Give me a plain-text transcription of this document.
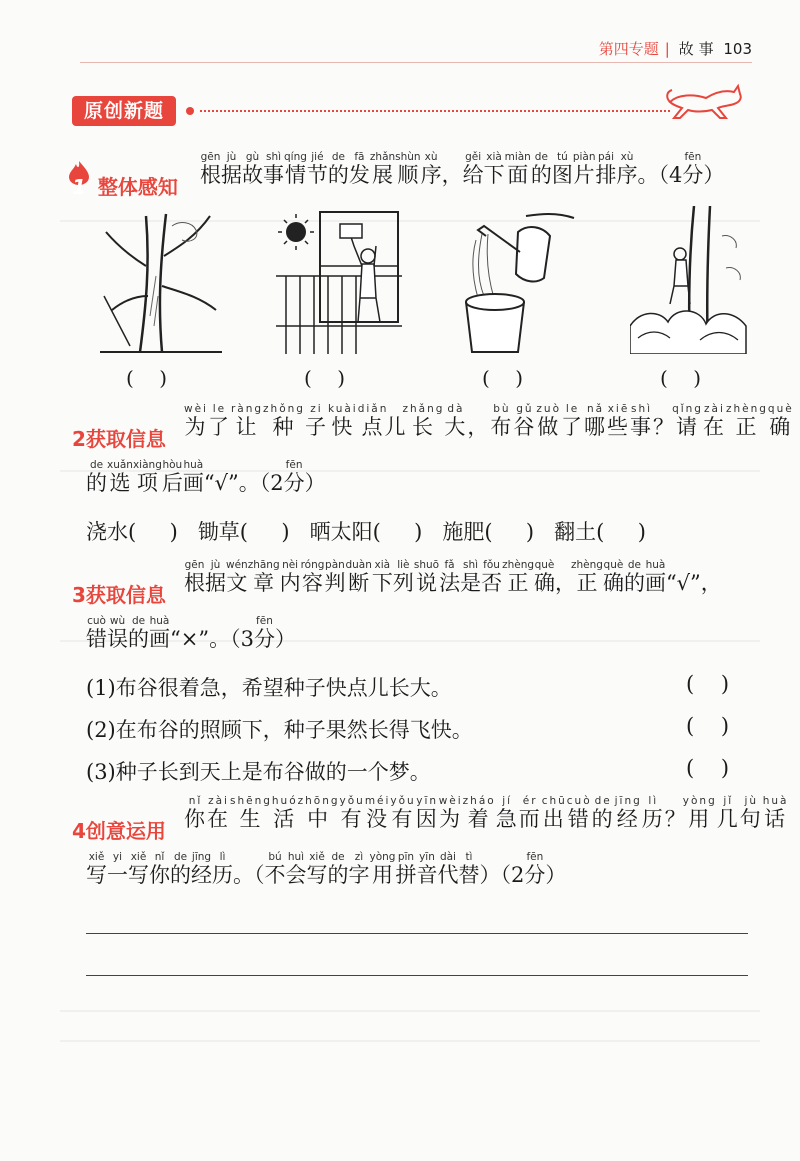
第四专题 | 故事 103
原创新题
1 整体感知 根gēn据jù故gù事shì情qíng节jié的de发fā展zhǎn顺shùn序xù，给gěi下xià面miàn的de图tú片piàn排pái序xù。（4分fēn）
(    )	(    )	(    )	(    )
2获取信息 为wèi了le让ràng种zhǒng子zi快kuài点diǎn儿长zhǎng大dà，布bù谷gǔ做zuò了le哪nǎ些xiē事shì？请qǐng在zài正zhèng确què
的de选xuǎn项xiàng后hòu画huà“√”。（2分fēn）
浇水(     )   锄草(     )   晒太阳(     )   施肥(     )   翻土(     )
3获取信息 根gēn据jù文wén章zhāng内nèi容róng判pàn断duàn下xià列liè说shuō法fǎ是shì否fǒu正zhèng确què，正zhèng确què的de画huà“√”，
错cuò误wù的de画huà“×”。（3分fēn）
(1)布谷很着急，希望种子快点儿长大。	(    )
(2)在布谷的照顾下，种子果然长得飞快。	(    )
(3)种子长到天上是布谷做的一个梦。	(    )
4创意运用 你nǐ在zài生shēng活huó中zhōng有yǒu没méi有yǒu因yīn为wèi着zháo急jí而ér出chū错cuò的de经jīng历lì？用yòng几jǐ句jù话huà
写xiě一yi写xiě你nǐ的de经jīng历lì。（不bú会huì写xiě的de字zì用yòng拼pīn音yīn代dài替tì）（2分fēn）
